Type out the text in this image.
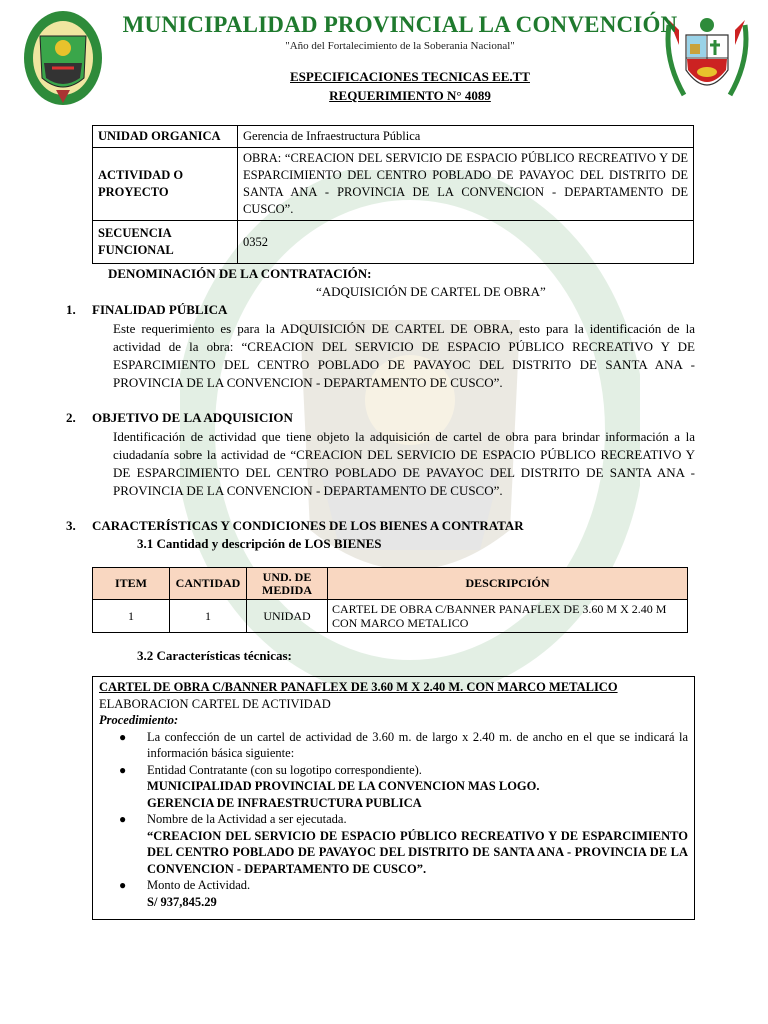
MUNICIPALIDAD PROVINCIAL LA CONVENCIÓN
"Año del Fortalecimiento de la Soberania Nacional"
ESPECIFICACIONES TECNICAS EE.TT
REQUERIMIENTO N° 4089
UNIDAD ORGANICA	Gerencia de Infraestructura Pública
ACTIVIDAD O PROYECTO	OBRA: “CREACION DEL SERVICIO DE ESPACIO PÚBLICO RECREATIVO Y DE ESPARCIMIENTO DEL CENTRO POBLADO DE PAVAYOC DEL DISTRITO DE SANTA ANA - PROVINCIA DE LA CONVENCION - DEPARTAMENTO DE CUSCO”.
SECUENCIA FUNCIONAL	0352
DENOMINACIÓN DE LA CONTRATACIÓN:
“ADQUISICIÓN DE CARTEL DE OBRA”
1. FINALIDAD PÚBLICA
Este requerimiento es para la ADQUISICIÓN DE CARTEL DE OBRA, esto para la identificación de la actividad de la obra: “CREACION DEL SERVICIO DE ESPACIO PÚBLICO RECREATIVO Y DE ESPARCIMIENTO DEL CENTRO POBLADO DE PAVAYOC DEL DISTRITO DE SANTA ANA - PROVINCIA DE LA CONVENCION - DEPARTAMENTO DE CUSCO”.
2. OBJETIVO DE LA ADQUISICION
Identificación de actividad que tiene objeto la adquisición de cartel de obra para brindar información a la ciudadanía sobre la actividad de “CREACION DEL SERVICIO DE ESPACIO PÚBLICO RECREATIVO Y DE ESPARCIMIENTO DEL CENTRO POBLADO DE PAVAYOC DEL DISTRITO DE SANTA ANA - PROVINCIA DE LA CONVENCION - DEPARTAMENTO DE CUSCO”.
3. CARACTERÍSTICAS Y CONDICIONES DE LOS BIENES A CONTRATAR
3.1 Cantidad y descripción de LOS BIENES
ITEM	CANTIDAD	UND. DE MEDIDA	DESCRIPCIÓN
1	1	UNIDAD	CARTEL DE OBRA C/BANNER PANAFLEX DE 3.60 M X 2.40 M CON MARCO METALICO
3.2 Características técnicas:
CARTEL DE OBRA C/BANNER PANAFLEX DE 3.60 M X 2.40 M. CON MARCO METALICO
ELABORACION CARTEL DE ACTIVIDAD
Procedimiento:
● La confección de un cartel de actividad de 3.60 m. de largo x 2.40 m. de ancho en el que se indicará la información básica siguiente:
● Entidad Contratante (con su logotipo correspondiente).
MUNICIPALIDAD PROVINCIAL DE LA CONVENCION MAS LOGO.
GERENCIA DE INFRAESTRUCTURA PUBLICA
● Nombre de la Actividad a ser ejecutada.
“CREACION DEL SERVICIO DE ESPACIO PÚBLICO RECREATIVO Y DE ESPARCIMIENTO DEL CENTRO POBLADO DE PAVAYOC DEL DISTRITO DE SANTA ANA - PROVINCIA DE LA CONVENCION - DEPARTAMENTO DE CUSCO”.
● Monto de Actividad.
S/ 937,845.29
